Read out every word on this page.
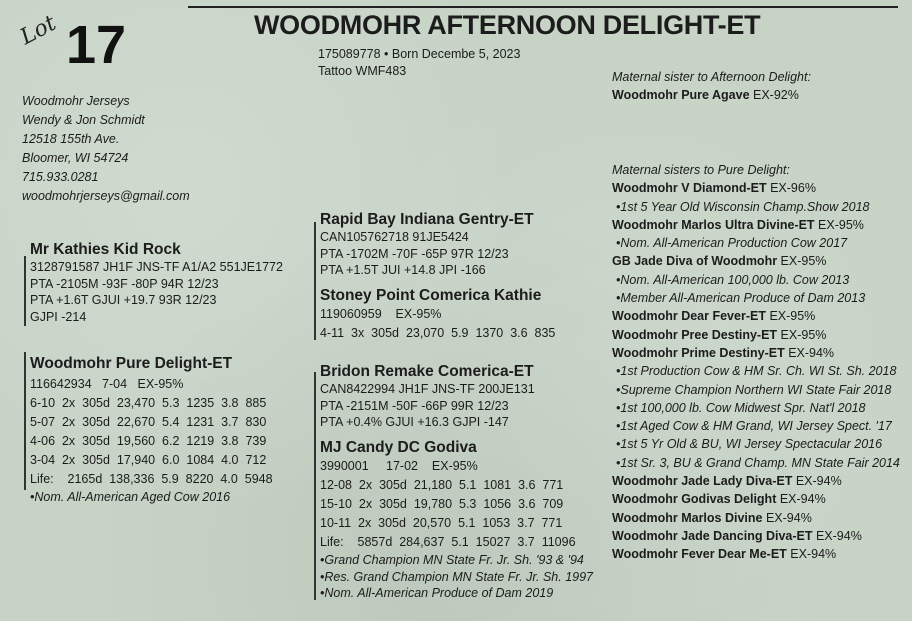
Lot 17	WOODMOHR AFTERNOON DELIGHT-ET
175089778 • Born Decembe 5, 2023
Tattoo WMF483
Woodmohr Jerseys
Wendy & Jon Schmidt
12518 155th Ave.
Bloomer, WI 54724
715.933.0281
woodmohrjerseys@gmail.com
Mr Kathies Kid Rock
3128791587 JH1F JNS-TF A1/A2 551JE1772
PTA -2105M -93F -80P 94R 12/23
PTA +1.6T GJUI +19.7 93R 12/23
GJPI -214
Woodmohr Pure Delight-ET
116642934   7-04   EX-95%
6-10  2x  305d  23,470  5.3  1235  3.8  885
5-07  2x  305d  22,670  5.4  1231  3.7  830
4-06  2x  305d  19,560  6.2  1219  3.8  739
3-04  2x  305d  17,940  6.0  1084  4.0  712
Life:    2165d  138,336  5.9  8220  4.0  5948
•Nom. All-American Aged Cow 2016
Rapid Bay Indiana Gentry-ET
CAN105762718 91JE5424
PTA -1702M -70F -65P 97R 12/23
PTA +1.5T JUI +14.8 JPI -166
Stoney Point Comerica Kathie
119060959    EX-95%
4-11  3x  305d  23,070  5.9  1370  3.6  835
Bridon Remake Comerica-ET
CAN8422994 JH1F JNS-TF 200JE131
PTA -2151M -50F -66P 99R 12/23
PTA +0.4% GJUI +16.3 GJPI -147
MJ Candy DC Godiva
3990001     17-02    EX-95%
12-08  2x  305d  21,180  5.1  1081  3.6  771
15-10  2x  305d  19,780  5.3  1056  3.6  709
10-11  2x  305d  20,570  5.1  1053  3.7  771
Life:    5857d  284,637  5.1  15027  3.7  11096
•Grand Champion MN State Fr. Jr. Sh. '93 & '94
•Res. Grand Champion MN State Fr. Jr. Sh. 1997
•Nom. All-American Produce of Dam 2019
Maternal sister to Afternoon Delight:
Woodmohr Pure Agave EX-92%
Maternal sisters to Pure Delight:
Woodmohr V Diamond-ET EX-96%
•1st 5 Year Old Wisconsin Champ.Show 2018
Woodmohr Marlos Ultra Divine-ET EX-95%
•Nom. All-American Production Cow 2017
GB Jade Diva of Woodmohr EX-95%
•Nom. All-American 100,000 lb. Cow 2013
•Member All-American Produce of Dam 2013
Woodmohr Dear Fever-ET EX-95%
Woodmohr Pree Destiny-ET EX-95%
Woodmohr Prime Destiny-ET EX-94%
•1st Production Cow & HM Sr. Ch. WI St. Sh. 2018
•Supreme Champion Northern WI State Fair 2018
•1st 100,000 lb. Cow Midwest Spr. Nat'l 2018
•1st Aged Cow & HM Grand, WI Jersey Spect. '17
•1st 5 Yr Old & BU, WI Jersey Spectacular 2016
•1st Sr. 3, BU & Grand Champ. MN State Fair 2014
Woodmohr Jade Lady Diva-ET EX-94%
Woodmohr Godivas Delight EX-94%
Woodmohr Marlos Divine EX-94%
Woodmohr Jade Dancing Diva-ET EX-94%
Woodmohr Fever Dear Me-ET EX-94%
